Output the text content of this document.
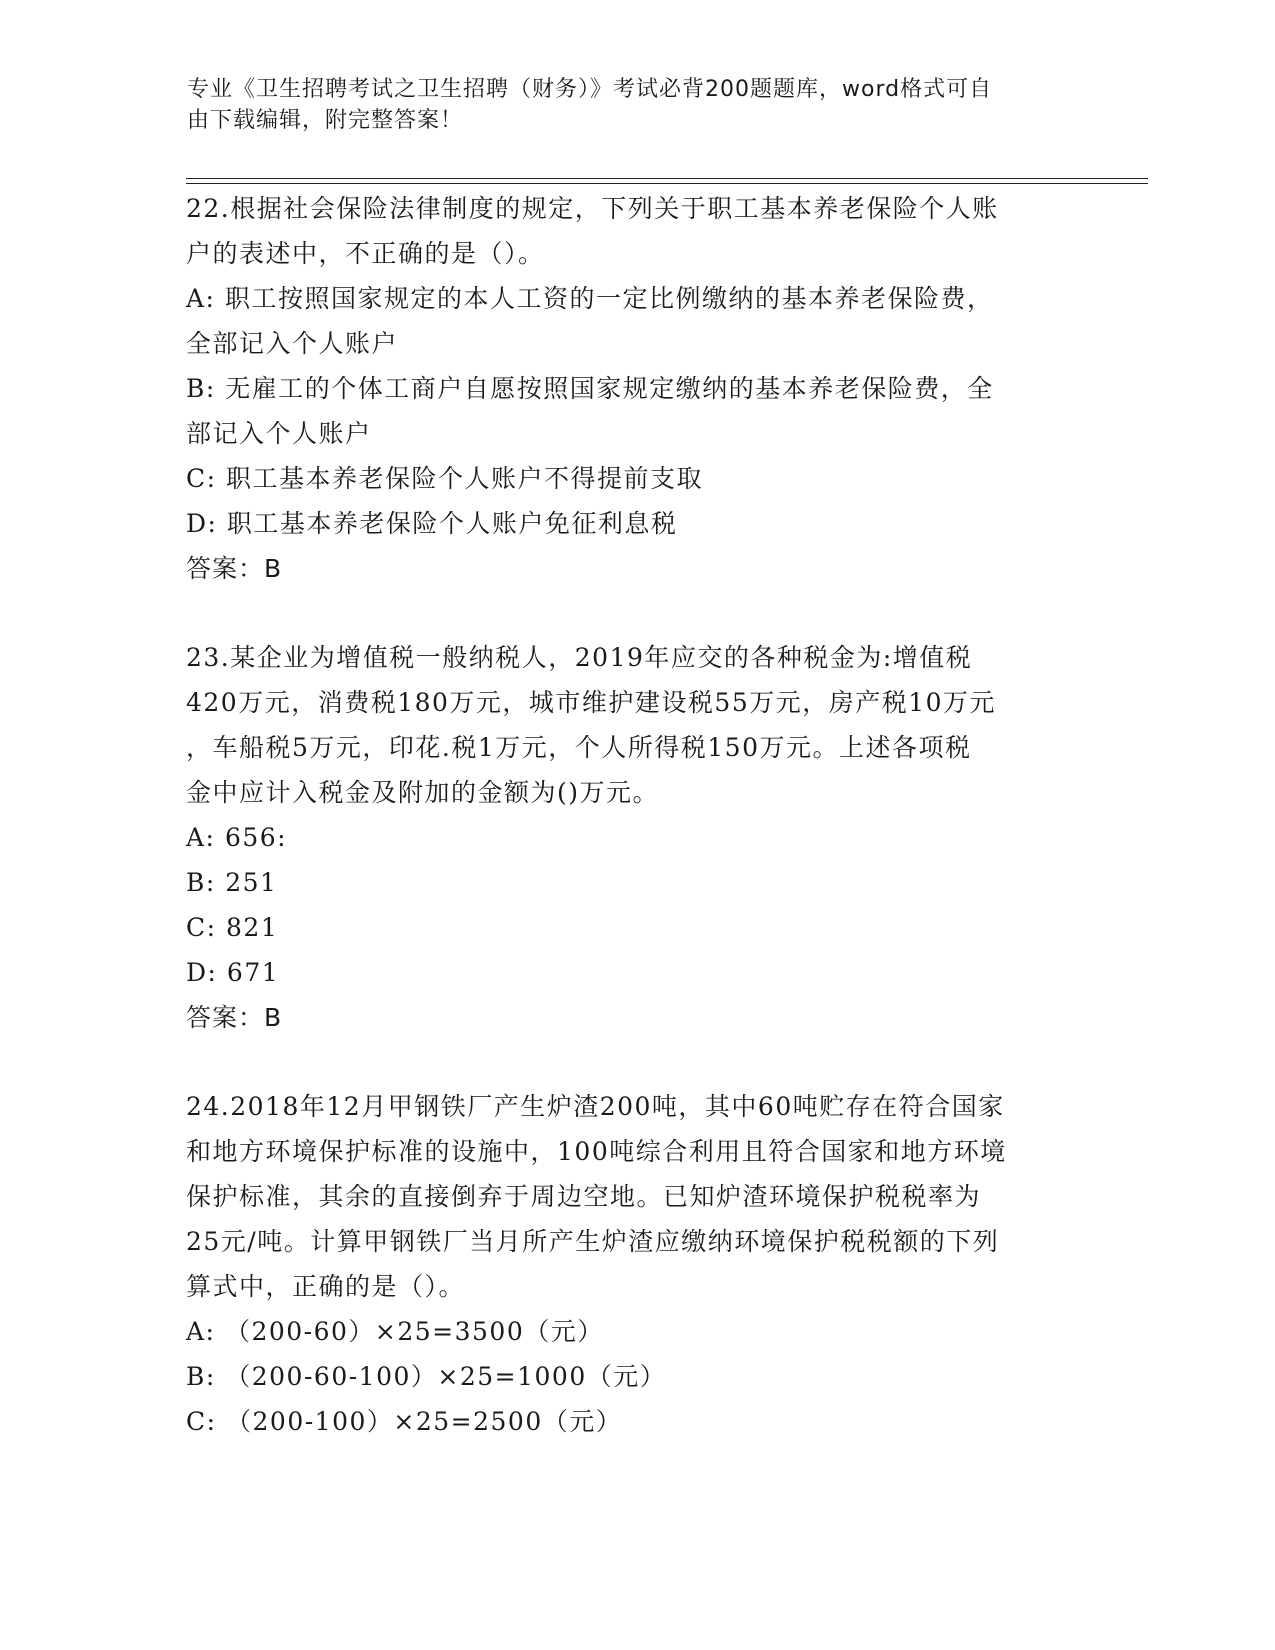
专业《卫生招聘考试之卫生招聘（财务）》考试必背200题题库，word格式可自
由下载编辑，附完整答案！

22.根据社会保险法律制度的规定，下列关于职工基本养老保险个人账

户的表述中，不正确的是（）。

A: 职工按照国家规定的本人工资的一定比例缴纳的基本养老保险费，

全部记入个人账户

B: 无雇工的个体工商户自愿按照国家规定缴纳的基本养老保险费，全

部记入个人账户

C: 职工基本养老保险个人账户不得提前支取

D: 职工基本养老保险个人账户免征利息税

答案：B

23.某企业为增值税一般纳税人，2019年应交的各种税金为:增值税

420万元，消费税180万元，城市维护建设税55万元，房产税10万元

，车船税5万元，印花.税1万元，个人所得税150万元。上述各项税

金中应计入税金及附加的金额为()万元。

A: 656:

B: 251

C: 821

D: 671

答案：B

24.2018年12月甲钢铁厂产生炉渣200吨，其中60吨贮存在符合国家

和地方环境保护标准的设施中，100吨综合利用且符合国家和地方环境

保护标准，其余的直接倒弃于周边空地。已知炉渣环境保护税税率为

25元/吨。计算甲钢铁厂当月所产生炉渣应缴纳环境保护税税额的下列

算式中，正确的是（）。

A: （200-60）×25=3500（元）

B: （200-60-100）×25=1000（元）

C: （200-100）×25=2500（元）
